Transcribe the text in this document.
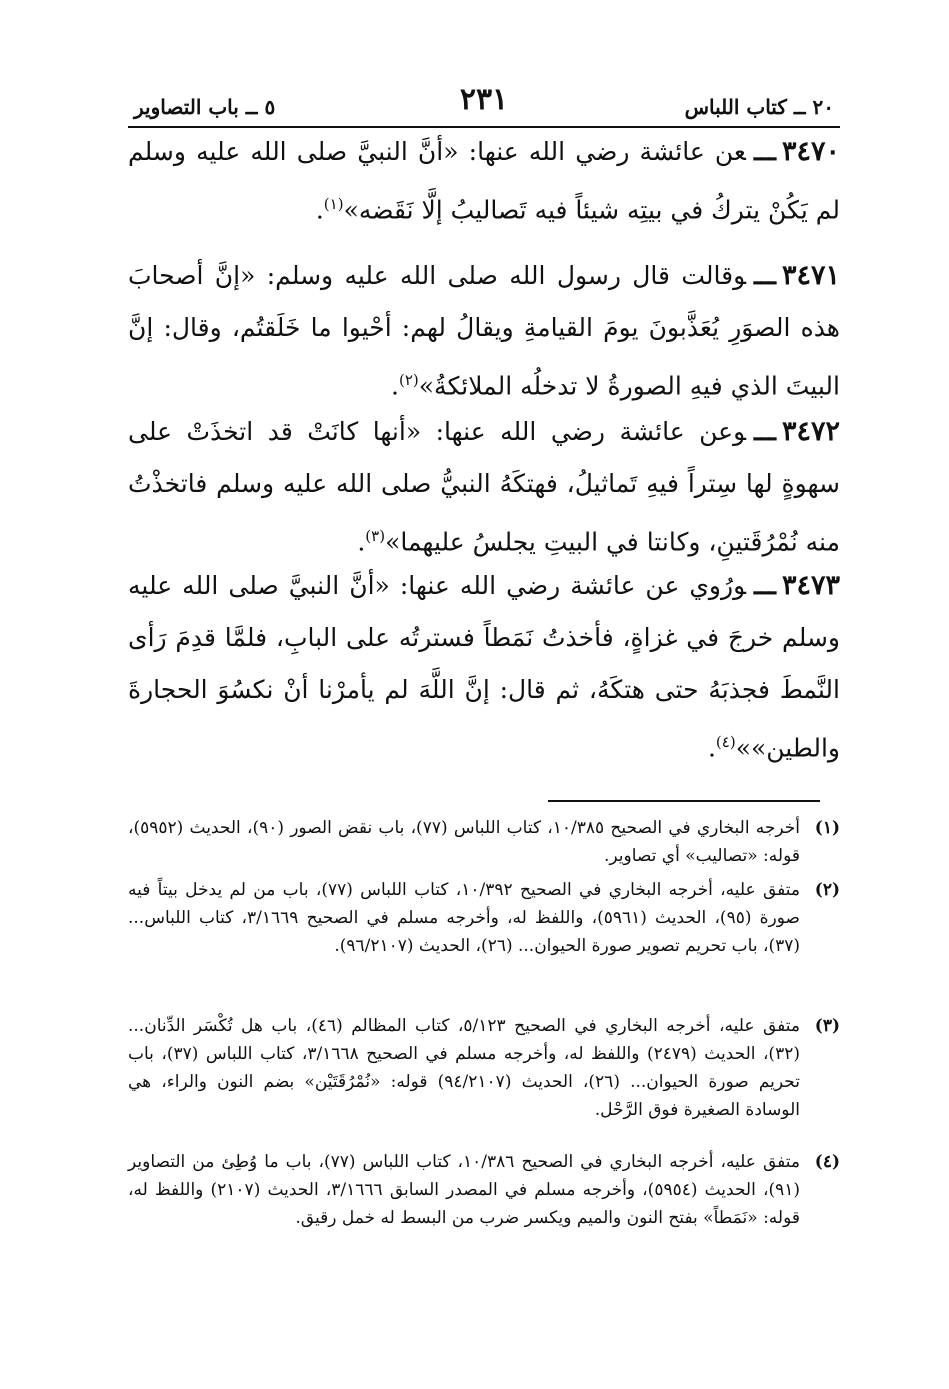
٢٠ ــ كتاب اللباس
٢٣١
٥ ــ باب التصاوير

٣٤٧٠ـــعن عائشة رضي الله عنها: «أنَّ النبيَّ صلى الله عليه وسلم لم يَكُنْ يتركُ في بيتِه شيئاً فيه تَصاليبُ إلَّا نَقَضه»$^{(١)}$.

٣٤٧١ـــوقالت قال رسول الله صلى الله عليه وسلم: «إنَّ أصحابَ هذه الصوَرِ يُعَذَّبونَ يومَ القيامةِ ويقالُ لهم: أحْيوا ما خَلَقتُم، وقال: إنَّ البيتَ الذي فيهِ الصورةُ لا تدخلُه الملائكةُ»$^{(٢)}$.

٣٤٧٢ـــوعن عائشة رضي الله عنها: «أنها كانَتْ قد اتخذَتْ على سهوةٍ لها سِتراً فيهِ تَماثيلُ، فهتكَهُ النبيُّ صلى الله عليه وسلم فاتخذْتُ منه نُمْرُقَتينِ، وكانتا في البيتِ يجلسُ عليهما»$^{(٣)}$.

٣٤٧٣ـــورُوي عن عائشة رضي الله عنها: «أنَّ النبيَّ صلى الله عليه وسلم خرجَ في غزاةٍ، فأخذتُ نَمَطاً فسترتُه على البابِ، فلمَّا قدِمَ رَأى النَّمطَ فجذبَهُ حتى هتكَهُ، ثم قال: إنَّ اللَّهَ لم يأمرْنا أنْ نكسُوَ الحجارةَ والطين»»$^{(٤)}$.

(١)
أخرجه البخاري في الصحيح ١٠/٣٨٥، كتاب اللباس (٧٧)، باب نقض الصور (٩٠)، الحديث (٥٩٥٢)، قوله: «تصاليب» أي تصاوير.
(٢)
متفق عليه، أخرجه البخاري في الصحيح ١٠/٣٩٢، كتاب اللباس (٧٧)، باب من لم يدخل بيتاً فيه صورة (٩٥)، الحديث (٥٩٦١)، واللفظ له، وأخرجه مسلم في الصحيح ٣/١٦٦٩، كتاب اللباس... (٣٧)، باب تحريم تصوير صورة الحيوان... (٢٦)، الحديث (٩٦/٢١٠٧).
(٣)
متفق عليه، أخرجه البخاري في الصحيح ٥/١٢٣، كتاب المظالم (٤٦)، باب هل تُكْسَر الدِّنان... (٣٢)، الحديث (٢٤٧٩) واللفظ له، وأخرجه مسلم في الصحيح ٣/١٦٦٨، كتاب اللباس (٣٧)، باب تحريم صورة الحيوان... (٢٦)، الحديث (٩٤/٢١٠٧) قوله: «نُمْرُقَتَيْن» بضم النون والراء، هي الوسادة الصغيرة فوق الرَّحْل.
(٤)
متفق عليه، أخرجه البخاري في الصحيح ١٠/٣٨٦، كتاب اللباس (٧٧)، باب ما وُطِئ من التصاوير (٩١)، الحديث (٥٩٥٤)، وأخرجه مسلم في المصدر السابق ٣/١٦٦٦، الحديث (٢١٠٧) واللفظ له، قوله: «نَمَطاً» بفتح النون والميم ويكسر ضرب من البسط له خمل رقيق.
